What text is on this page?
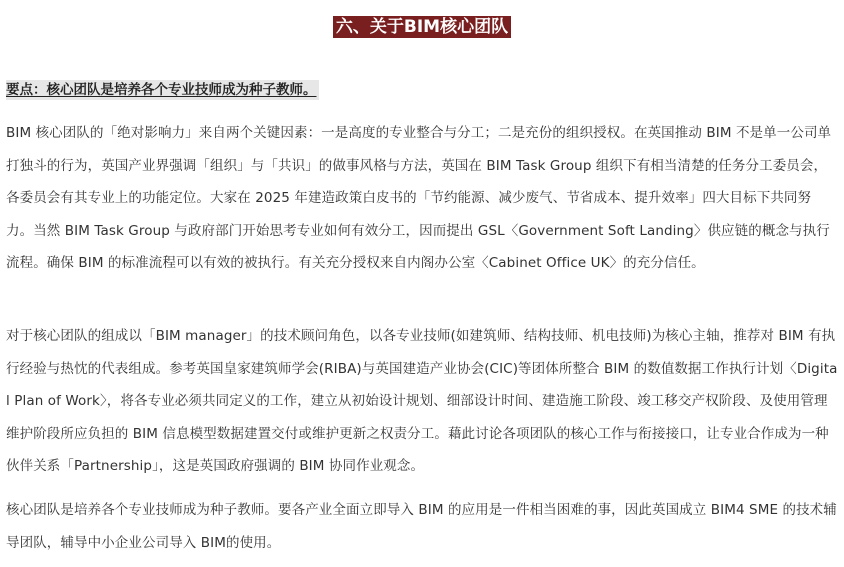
六、关于BIM核心团队
要点：核心团队是培养各个专业技师成为种子教师。

BIM 核心团队的「绝对影响力」来自两个关键因素：一是高度的专业整合与分工；二是充份的组织授权。在英国推动 BIM 不是单一公司单打独斗的行为，英国产业界强调「组织」与「共识」的做事风格与方法，英国在 BIM Task Group 组织下有相当清楚的任务分工委员会，各委员会有其专业上的功能定位。大家在 2025 年建造政策白皮书的「节约能源、减少废气、节省成本、提升效率」四大目标下共同努力。当然 BIM Task Group 与政府部门开始思考专业如何有效分工，因而提出 GSL〈Government Soft Landing〉供应链的概念与执行流程。确保 BIM 的标准流程可以有效的被执行。有关充分授权来自内阁办公室〈Cabinet Office UK〉的充分信任。

对于核心团队的组成以「BIM manager」的技术顾问角色，以各专业技师(如建筑师、结构技师、机电技师)为核心主轴，推荐对 BIM 有执行经验与热忱的代表组成。参考英国皇家建筑师学会(RIBA)与英国建造产业协会(CIC)等团体所整合 BIM 的数值数据工作执行计划〈Digital Plan of Work〉，将各专业必须共同定义的工作，建立从初始设计规划、细部设计时间、建造施工阶段、竣工移交产权阶段、及使用管理维护阶段所应负担的 BIM 信息模型数据建置交付或维护更新之权责分工。藉此讨论各项团队的核心工作与衔接接口，让专业合作成为一种伙伴关系「Partnership」，这是英国政府强调的 BIM 协同作业观念。

核心团队是培养各个专业技师成为种子教师。要各产业全面立即导入 BIM 的应用是一件相当困难的事，因此英国成立 BIM4 SME 的技术辅导团队，辅导中小企业公司导入 BIM的使用。
